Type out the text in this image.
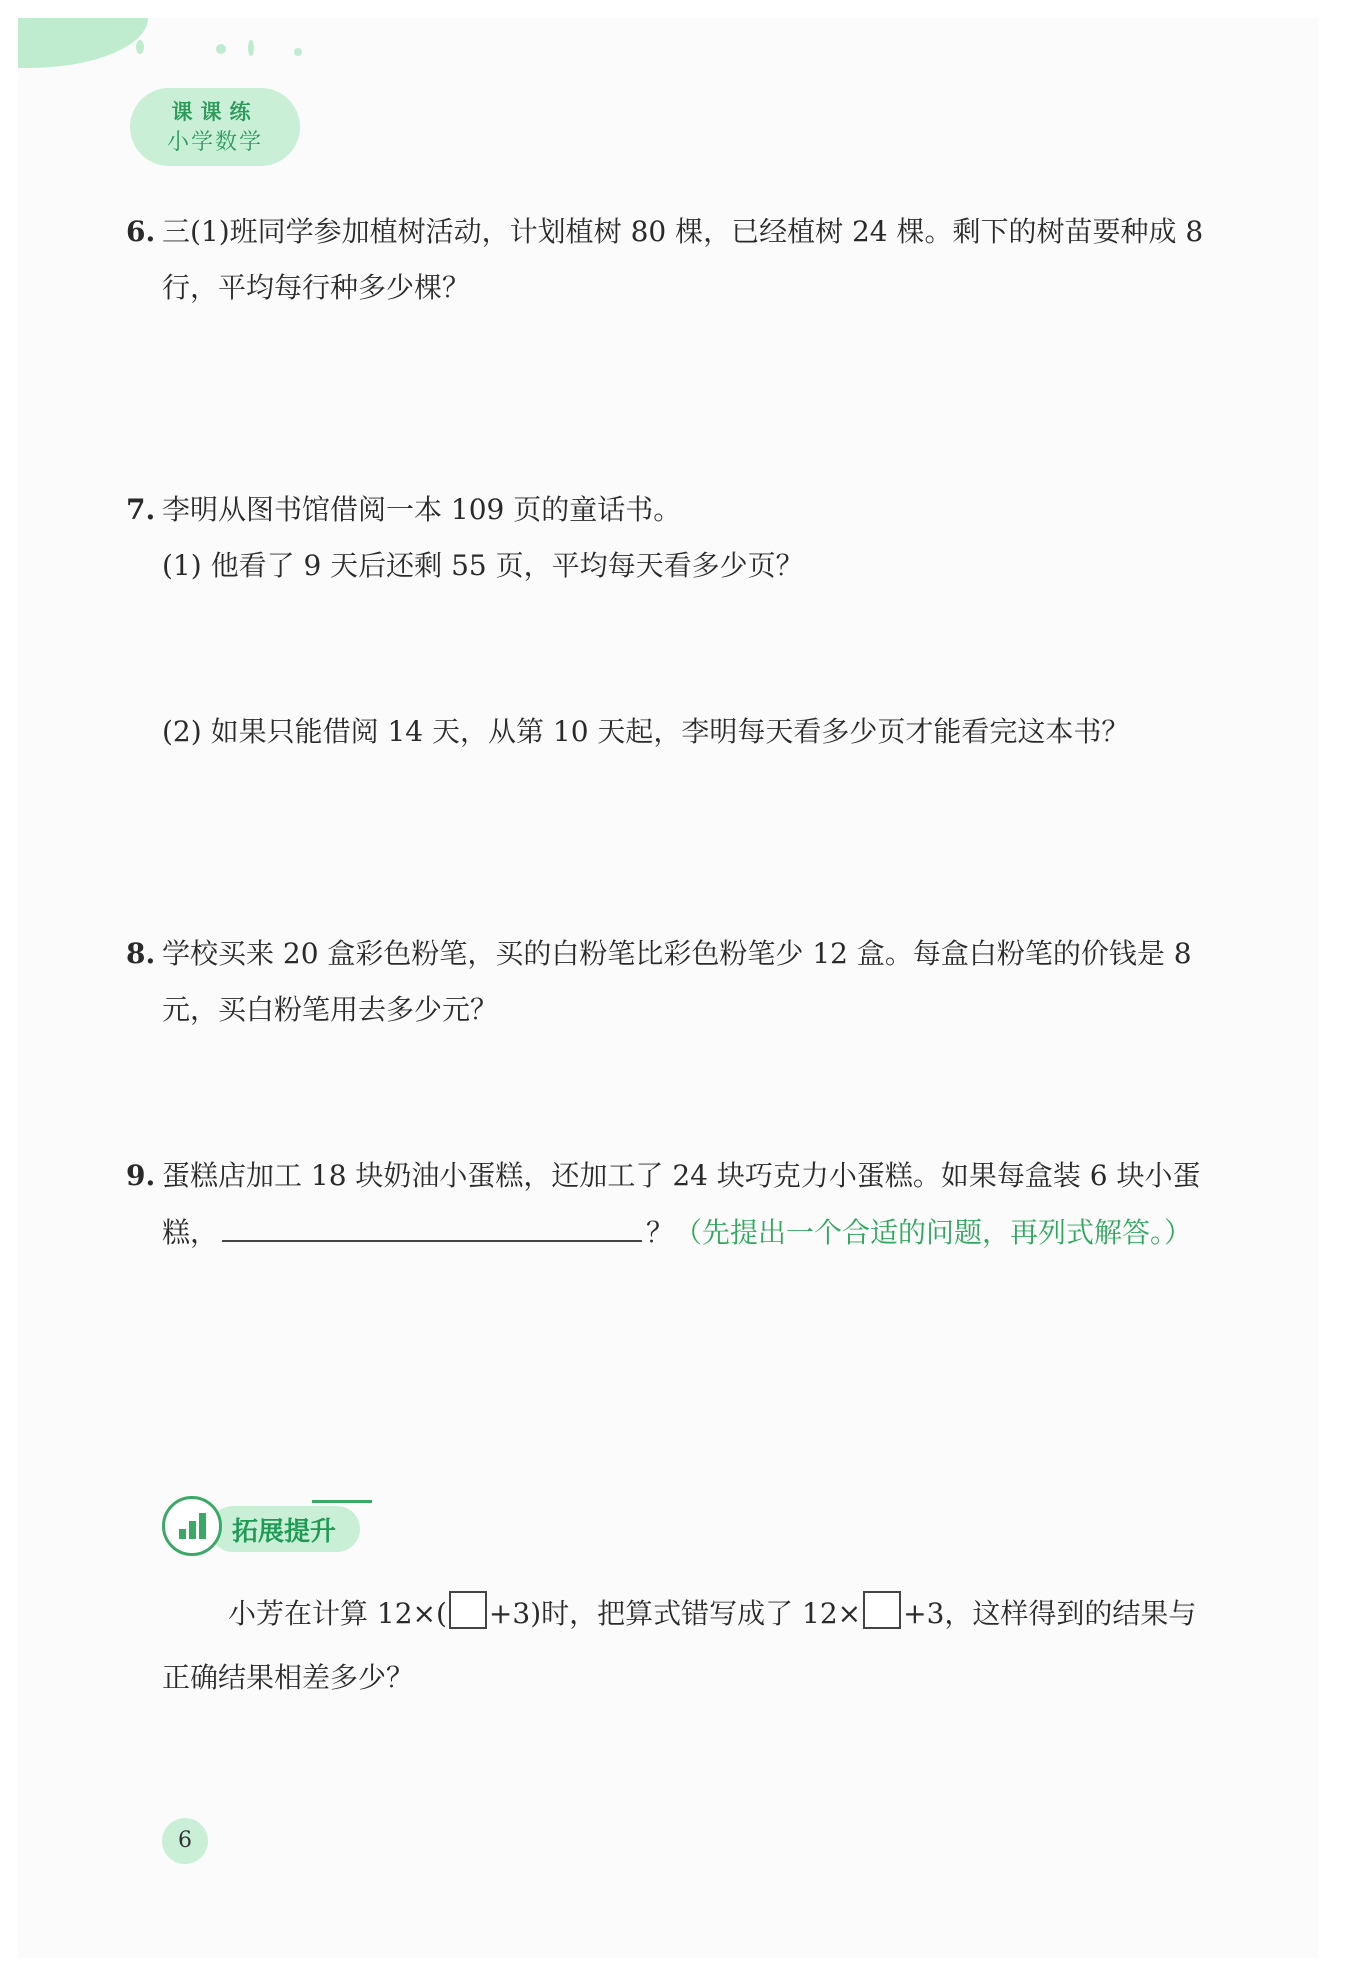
课课练
小学数学
6. 三(1)班同学参加植树活动，计划植树 80 棵，已经植树 24 棵。剩下的树苗要种成 8 行，平均每行种多少棵？
7. 李明从图书馆借阅一本 109 页的童话书。

(1) 他看了 9 天后还剩 55 页，平均每天看多少页？

(2) 如果只能借阅 14 天，从第 10 天起，李明每天看多少页才能看完这本书？

8. 学校买来 20 盒彩色粉笔，买的白粉笔比彩色粉笔少 12 盒。每盒白粉笔的价钱是 8 元，买白粉笔用去多少元？
9. 蛋糕店加工 18 块奶油小蛋糕，还加工了 24 块巧克力小蛋糕。如果每盒装 6 块小蛋糕，	？（先提出一个合适的问题，再列式解答。）
拓展提升
小芳在计算 12×( +3)时，把算式错写成了 12× +3，这样得到的结果与正确结果相差多少？
6
